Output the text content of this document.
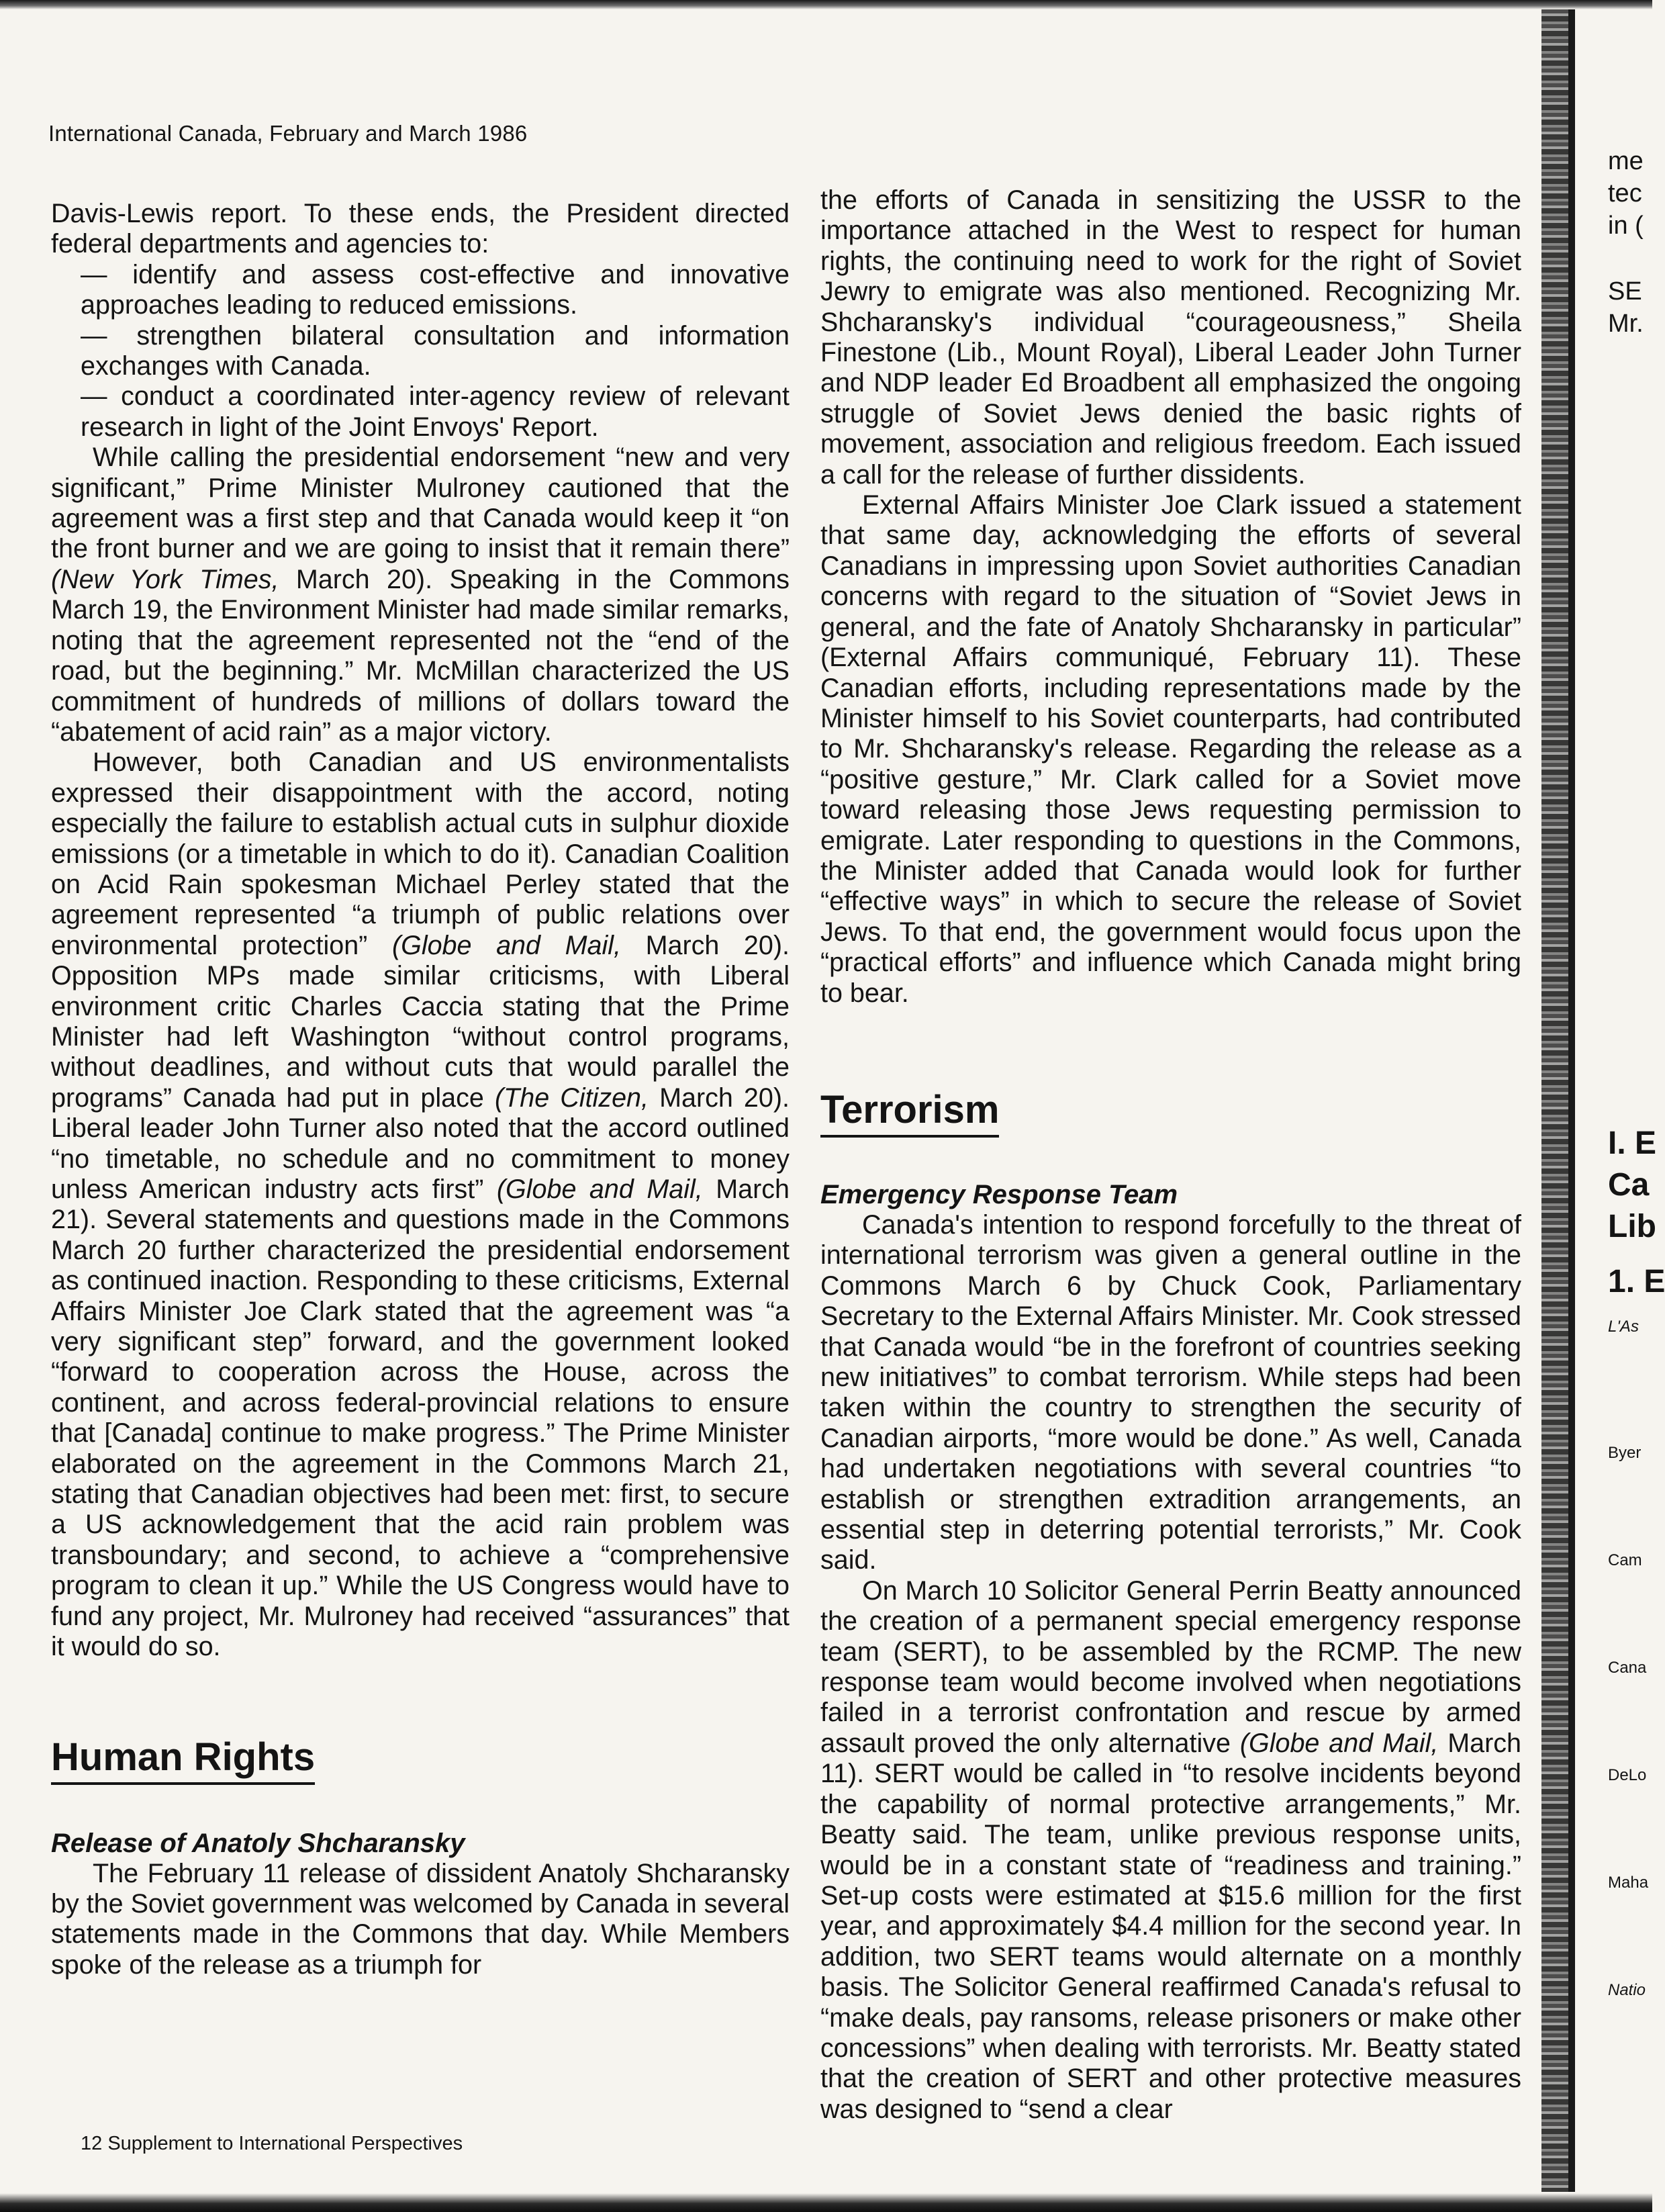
International Canada, February and March 1986

Davis-Lewis report. To these ends, the President directed federal departments and agencies to:

— identify and assess cost-effective and innovative approaches leading to reduced emissions.

— strengthen bilateral consultation and information exchanges with Canada.

— conduct a coordinated inter-agency review of relevant research in light of the Joint Envoys' Report.

While calling the presidential endorsement “new and very significant,” Prime Minister Mulroney cautioned that the agreement was a first step and that Canada would keep it “on the front burner and we are going to insist that it remain there” (New York Times, March 20). Speaking in the Commons March 19, the Environment Minister had made similar remarks, noting that the agreement represented not the “end of the road, but the beginning.” Mr. McMillan characterized the US commitment of hundreds of millions of dollars toward the “abatement of acid rain” as a major victory.

However, both Canadian and US environmentalists expressed their disappointment with the accord, noting especially the failure to establish actual cuts in sulphur dioxide emissions (or a timetable in which to do it). Canadian Coalition on Acid Rain spokesman Michael Perley stated that the agreement represented “a triumph of public relations over environmental protection” (Globe and Mail, March 20). Opposition MPs made similar criticisms, with Liberal environment critic Charles Caccia stating that the Prime Minister had left Washington “without control programs, without deadlines, and without cuts that would parallel the programs” Canada had put in place (The Citizen, March 20). Liberal leader John Turner also noted that the accord outlined “no timetable, no schedule and no commitment to money unless American industry acts first” (Globe and Mail, March 21). Several statements and questions made in the Commons March 20 further characterized the presidential endorsement as continued inaction. Responding to these criticisms, External Affairs Minister Joe Clark stated that the agreement was “a very significant step” forward, and the government looked “forward to cooperation across the House, across the continent, and across federal-provincial relations to ensure that [Canada] continue to make progress.” The Prime Minister elaborated on the agreement in the Commons March 21, stating that Canadian objectives had been met: first, to secure a US acknowledgement that the acid rain problem was transboundary; and second, to achieve a “comprehensive program to clean it up.” While the US Congress would have to fund any project, Mr. Mulroney had received “assurances” that it would do so.

Human Rights
Release of Anatoly Shcharansky

The February 11 release of dissident Anatoly Shcharansky by the Soviet government was welcomed by Canada in several statements made in the Commons that day. While Members spoke of the release as a triumph for

the efforts of Canada in sensitizing the USSR to the importance attached in the West to respect for human rights, the continuing need to work for the right of Soviet Jewry to emigrate was also mentioned. Recognizing Mr. Shcharansky's individual “courageousness,” Sheila Finestone (Lib., Mount Royal), Liberal Leader John Turner and NDP leader Ed Broadbent all emphasized the ongoing struggle of Soviet Jews denied the basic rights of movement, association and religious freedom. Each issued a call for the release of further dissidents.

External Affairs Minister Joe Clark issued a statement that same day, acknowledging the efforts of several Canadians in impressing upon Soviet authorities Canadian concerns with regard to the situation of “Soviet Jews in general, and the fate of Anatoly Shcharansky in particular” (External Affairs communiqué, February 11). These Canadian efforts, including representations made by the Minister himself to his Soviet counterparts, had contributed to Mr. Shcharansky's release. Regarding the release as a “positive gesture,” Mr. Clark called for a Soviet move toward releasing those Jews requesting permission to emigrate. Later responding to questions in the Commons, the Minister added that Canada would look for further “effective ways” in which to secure the release of Soviet Jews. To that end, the government would focus upon the “practical efforts” and influence which Canada might bring to bear.

Terrorism
Emergency Response Team

Canada's intention to respond forcefully to the threat of international terrorism was given a general outline in the Commons March 6 by Chuck Cook, Parliamentary Secretary to the External Affairs Minister. Mr. Cook stressed that Canada would “be in the forefront of countries seeking new initiatives” to combat terrorism. While steps had been taken within the country to strengthen the security of Canadian airports, “more would be done.” As well, Canada had undertaken negotiations with several countries “to establish or strengthen extradition arrangements, an essential step in deterring potential terrorists,” Mr. Cook said.

On March 10 Solicitor General Perrin Beatty announced the creation of a permanent special emergency response team (SERT), to be assembled by the RCMP. The new response team would become involved when negotiations failed in a terrorist confrontation and rescue by armed assault proved the only alternative (Globe and Mail, March 11). SERT would be called in “to resolve incidents beyond the capability of normal protective arrangements,” Mr. Beatty said. The team, unlike previous response units, would be in a constant state of “readiness and training.” Set-up costs were estimated at $15.6 million for the first year, and approximately $4.4 million for the second year. In addition, two SERT teams would alternate on a monthly basis. The Solicitor General reaffirmed Canada's refusal to “make deals, pay ransoms, release prisoners or make other concessions” when dealing with terrorists. Mr. Beatty stated that the creation of SERT and other protective measures was designed to “send a clear

me
tec
in (
SE
Mr.
I. E
Ca
Lib
1. E
L'As
Byer
Cam
Cana
DeLo
Maha
Natio
12 Supplement to International Perspectives
